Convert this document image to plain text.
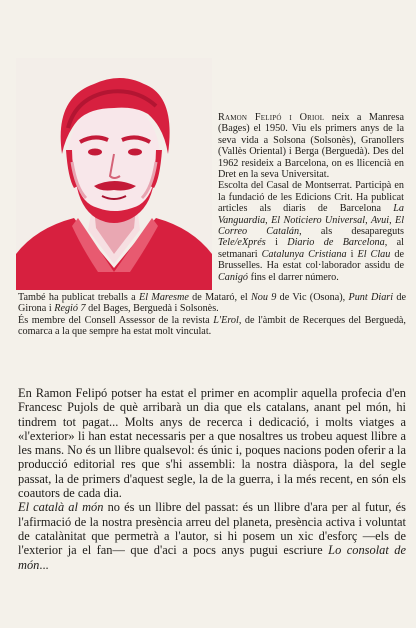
Ramon Felipó i Oriol neix a Manresa (Bages) el 1950. Viu els primers anys de la seva vida a Solsona (Solsonès), Granollers (Vallès Oriental) i Berga (Berguedà). Des del 1962 resideix a Barcelona, on es llicencià en Dret en la seva Universitat.

Escolta del Casal de Montserrat. Participà en la fundació de les Edicions Crit. Ha publicat articles als diaris de Barcelona La Vanguardia, El Noticiero Universal, Avui, El Correo Catalán, als desapareguts Tele/eXprés i Diario de Barcelona, al setmanari Catalunya Cristiana i El Clau de Brusselles. Ha estat col·laborador assidu de Canigó fins el darrer número.

També ha publicat treballs a El Maresme de Mataró, el Nou 9 de Vic (Osona), Punt Diari de Girona i Regió 7 del Bages, Berguedà i Solsonès.

És membre del Consell Assessor de la revista L'Erol, de l'àmbit de Recerques del Berguedà, comarca a la que sempre ha estat molt vinculat.

En Ramon Felipó potser ha estat el primer en acomplir aquella profecia d'en Francesc Pujols de què arribarà un dia que els catalans, anant pel món, hi tindrem tot pagat... Molts anys de recerca i dedicació, i molts viatges a «l'exterior» li han estat necessaris per a que nosaltres us trobeu aquest llibre a les mans. No és un llibre qualsevol: és únic i, poques nacions poden oferir a la producció editorial res que s'hi assembli: la nostra diàspora, la del segle passat, la de primers d'aquest segle, la de la guerra, i la més recent, en són els coautors de cada dia.

El català al món no és un llibre del passat: és un llibre d'ara per al futur, és l'afirmació de la nostra presència arreu del planeta, presència activa i voluntat de catalànitat que permetrà a l'autor, si hi posem un xic d'esforç —els de l'exterior ja el fan— que d'aci a pocs anys pugui escriure Lo consolat de món...
